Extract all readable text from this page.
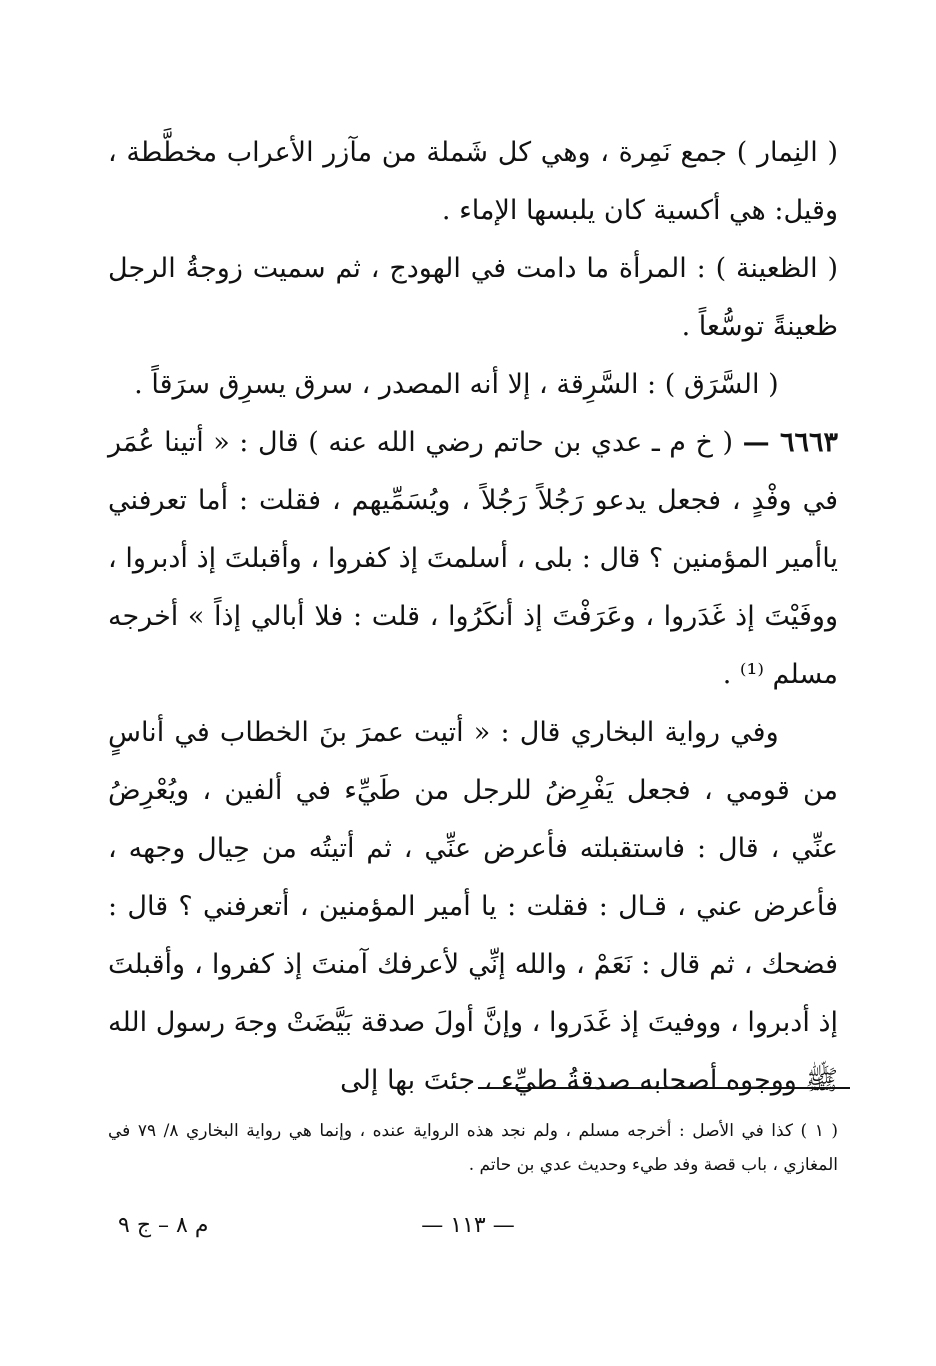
( النِمار ) جمع نَمِرة ، وهي كل شَملة من مآزر الأعراب مخطَّطة ، وقيل: هي أكسية كان يلبسها الإماء .

( الظعينة ) : المرأة ما دامت في الهودج ، ثم سميت زوجةُ الرجل ظعينةً توسُّعاً .

( السَّرَق ) : السَّرِقة ، إلا أنه المصدر ، سرق يسرِق سرَقاً .

٦٦٦٣ — ( خ م ـ عدي بن حاتم رضي الله عنه ) قال : « أتينا عُمَر في وفْدٍ ، فجعل يدعو رَجُلاً رَجُلاً ، ويُسَمِّيهم ، فقلت : أما تعرفني ياأمير المؤمنين ؟ قال : بلى ، أسلمتَ إذ كفروا ، وأقبلتَ إذ أدبروا ، ووفَيْتَ إذ غَدَروا ، وعَرَفْتَ إذ أنكَرُوا ، قلت : فلا أبالي إذاً » أخرجه مسلم ⁽¹⁾ .

وفي رواية البخاري قال : « أتيت عمرَ بنَ الخطاب في أناسٍ من قومي ، فجعل يَفْرِضُ للرجل من طَيِّء في ألفين ، ويُعْرِضُ عنِّي ، قال : فاستقبلته فأعرض عنِّي ، ثم أتيتُه من حِيال وجهه ، فأعرض عني ، قـال : فقلت : يا أمير المؤمنين ، أتعرفني ؟ قال : فضحك ، ثم قال : نَعَمْ ، والله إنِّي لأعرفك آمنتَ إذ كفروا ، وأقبلتَ إذ أدبروا ، ووفيتَ إذ غَدَروا ، وإنَّ أولَ صدقة بَيَّضَتْ وجهَ رسول الله ﷺ ووجوه أصحابه صدقةُ طيِّء ، جئتَ بها إلى

( ١ ) كذا في الأصل : أخرجه مسلم ، ولم نجد هذه الرواية عنده ، وإنما هي رواية البخاري ٨/ ٧٩ في المغازي ، باب قصة وفد طيء وحديث عدي بن حاتم .

— ١١٣ —
م ٨ – ج ٩
